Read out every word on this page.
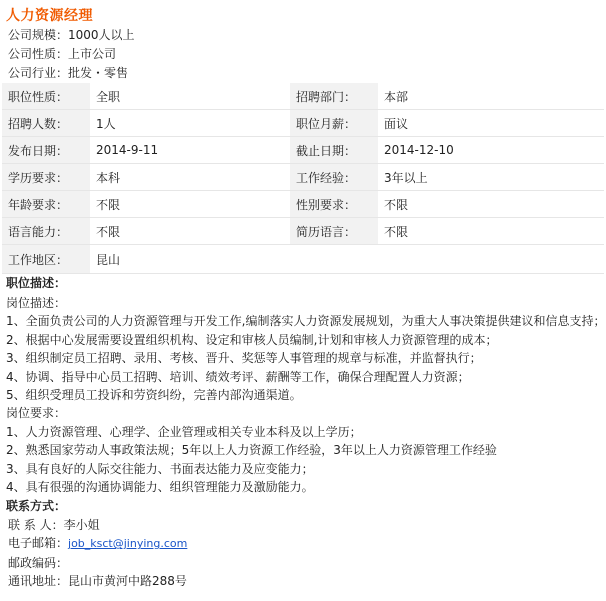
人力资源经理
公司规模：1000人以上
公司性质：上市公司
公司行业：批发・零售
职位性质：	全职	招聘部门：	本部
招聘人数：	1人	职位月薪：	面议
发布日期：	2014-9-11	截止日期：	2014-12-10
学历要求：	本科	工作经验：	3年以上
年龄要求：	不限	性别要求：	不限
语言能力：	不限	简历语言：	不限
工作地区：	昆山		
职位描述：
岗位描述：
1、全面负责公司的人力资源管理与开发工作,编制落实人力资源发展规划，为重大人事决策提供建议和信息支持；
2、根据中心发展需要设置组织机构、设定和审核人员编制,计划和审核人力资源管理的成本；
3、组织制定员工招聘、录用、考核、晋升、奖惩等人事管理的规章与标准，并监督执行；
4、协调、指导中心员工招聘、培训、绩效考评、薪酬等工作，确保合理配置人力资源；
5、组织受理员工投诉和劳资纠纷，完善内部沟通渠道。
岗位要求：
1、人力资源管理、心理学、企业管理或相关专业本科及以上学历；
2、熟悉国家劳动人事政策法规；5年以上人力资源工作经验，3年以上人力资源管理工作经验
3、具有良好的人际交往能力、书面表达能力及应变能力；
4、具有很强的沟通协调能力、组织管理能力及激励能力。
联系方式：
联 系 人：李小姐
电子邮箱：job_ksct@jinying.com
邮政编码：
通讯地址：昆山市黄河中路288号
